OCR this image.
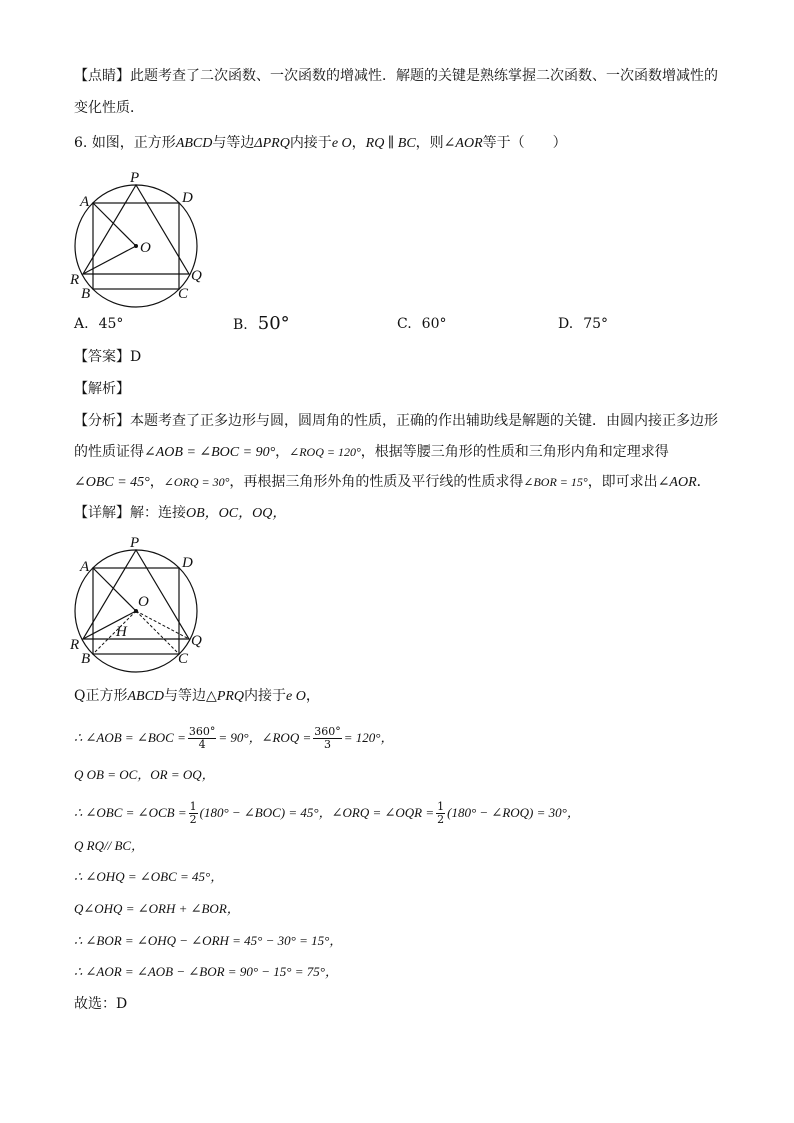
【点睛】此题考查了二次函数、一次函数的增减性．解题的关键是熟练掌握二次函数、一次函数增减性的
变化性质．
6. 如图，正方形ABCD与等边ΔPRQ内接于e O，RQ ∥ BC，则∠AOR等于（　　）
P
A	D
O
R
B	C
Q
A. 45°	B. 50°	C. 60°	D. 75°
【答案】D
【解析】
【分析】本题考查了正多边形与圆，圆周角的性质，正确的作出辅助线是解题的关键．由圆内接正多边形
的性质证得∠AOB = ∠BOC = 90°，∠ROQ = 120°，根据等腰三角形的性质和三角形内角和定理求得
∠OBC = 45°，∠ORQ = 30°，再根据三角形外角的性质及平行线的性质求得∠BOR = 15°，即可求出∠AOR．
【详解】解：连接OB，OC，OQ，
P
A	D
O
H
R
B	C
Q
Q正方形ABCD与等边△PRQ内接于e O，
∴ ∠AOB = ∠BOC = $\frac{360^\circ}{4} = 90^\circ$，∠ROQ = $\frac{360^\circ}{3} = 120^\circ$，
Q OB = OC，OR = OQ，
∴ ∠OBC = ∠OCB = $\frac{1}{2} (180^\circ$ − ∠BOC) = 45°，∠ORQ = ∠OQR = $\frac{1}{2} (180^\circ$ − ∠ROQ) = 30°，
Q RQ// BC，
∴ ∠OHQ = ∠OBC = 45°，
Q∠OHQ = ∠ORH + ∠BOR，
∴ ∠BOR = ∠OHQ − ∠ORH = 45° − 30° = 15°，
∴ ∠AOR = ∠AOB − ∠BOR = 90° − 15° = 75°，
故选：D
